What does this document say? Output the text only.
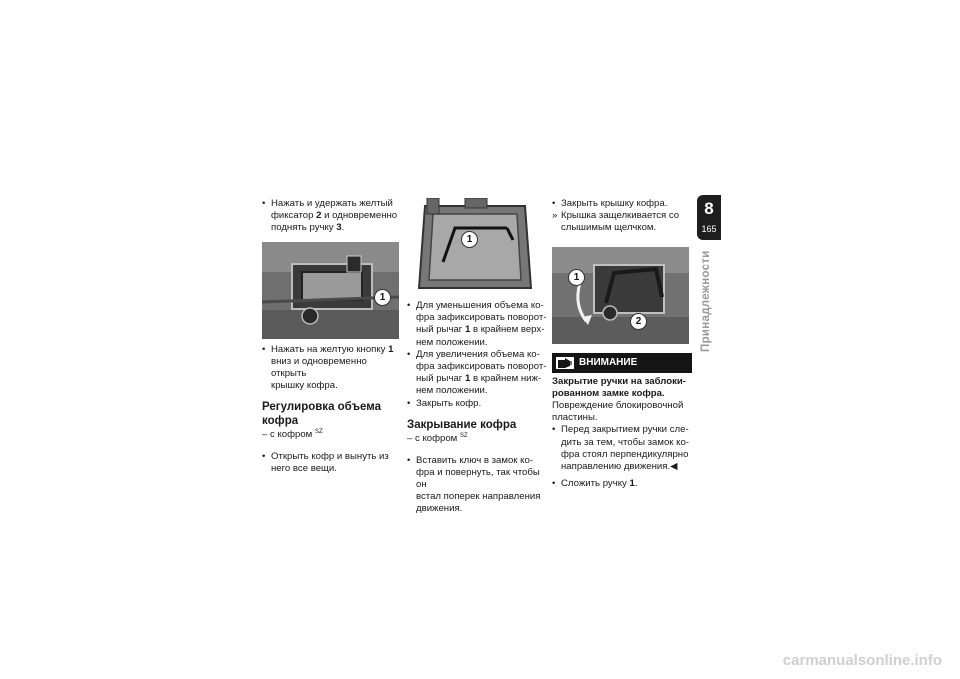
• Нажать и удержать желтый
фиксатор 2 и одновременно
поднять ручку 3.
1
• Нажать на желтую кнопку 1
вниз и одновременно открыть
крышку кофра.
Регулировка объема
кофра
– с кофром $^{SZ}$
• Открыть кофр и вынуть из
него все вещи.
1
• Для уменьшения объема ко-
фра зафиксировать поворот-
ный рычаг 1 в крайнем верх-
нем положении.
• Для увеличения объема ко-
фра зафиксировать поворот-
ный рычаг 1 в крайнем ниж-
нем положении.
• Закрыть кофр.
Закрывание кофра
– с кофром $^{SZ}$
• Вставить ключ в замок ко-
фра и повернуть, так чтобы он
встал поперек направления
движения.
• Закрыть крышку кофра.
» Крышка защелкивается со
слышимым щелчком.
1
2
ВНИМАНИЕ
Закрытие ручки на заблоки-
рованном замке кофра.
Повреждение блокировочной
пластины.
• Перед закрытием ручки сле-
дить за тем, чтобы замок ко-
фра стоял перпендикулярно
направлению движения.◀
• Сложить ручку 1.
8
165
Принадлежности
carmanualsonline.info
